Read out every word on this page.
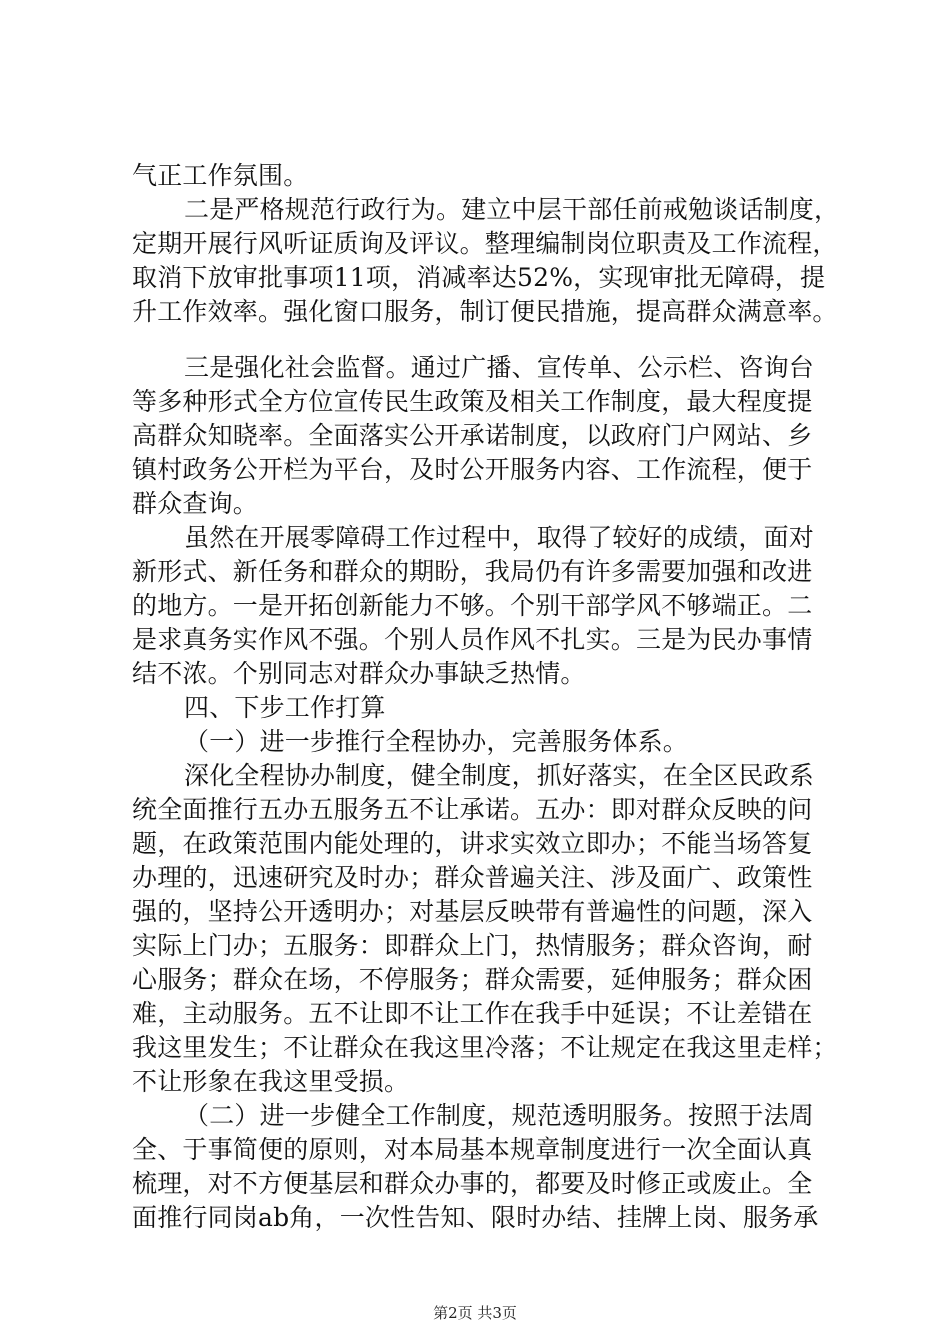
气正工作氛围。
二是严格规范行政行为。建立中层干部任前戒勉谈话制度，
定期开展行风听证质询及评议。整理编制岗位职责及工作流程，
取消下放审批事项11项，消减率达52%，实现审批无障碍，提
升工作效率。强化窗口服务，制订便民措施，提高群众满意率。
三是强化社会监督。通过广播、宣传单、公示栏、咨询台
等多种形式全方位宣传民生政策及相关工作制度，最大程度提
高群众知晓率。全面落实公开承诺制度，以政府门户网站、乡
镇村政务公开栏为平台，及时公开服务内容、工作流程，便于
群众查询。
虽然在开展零障碍工作过程中，取得了较好的成绩，面对
新形式、新任务和群众的期盼，我局仍有许多需要加强和改进
的地方。一是开拓创新能力不够。个别干部学风不够端正。二
是求真务实作风不强。个别人员作风不扎实。三是为民办事情
结不浓。个别同志对群众办事缺乏热情。
四、下步工作打算
（一）进一步推行全程协办，完善服务体系。
深化全程协办制度，健全制度，抓好落实，在全区民政系
统全面推行五办五服务五不让承诺。五办：即对群众反映的问
题，在政策范围内能处理的，讲求实效立即办；不能当场答复
办理的，迅速研究及时办；群众普遍关注、涉及面广、政策性
强的，坚持公开透明办；对基层反映带有普遍性的问题，深入
实际上门办；五服务：即群众上门，热情服务；群众咨询，耐
心服务；群众在场，不停服务；群众需要，延伸服务；群众困
难，主动服务。五不让即不让工作在我手中延误；不让差错在
我这里发生；不让群众在我这里冷落；不让规定在我这里走样；
不让形象在我这里受损。
（二）进一步健全工作制度，规范透明服务。按照于法周
全、于事简便的原则，对本局基本规章制度进行一次全面认真
梳理，对不方便基层和群众办事的，都要及时修正或废止。全
面推行同岗ab角，一次性告知、限时办结、挂牌上岗、服务承
第2页 共3页
